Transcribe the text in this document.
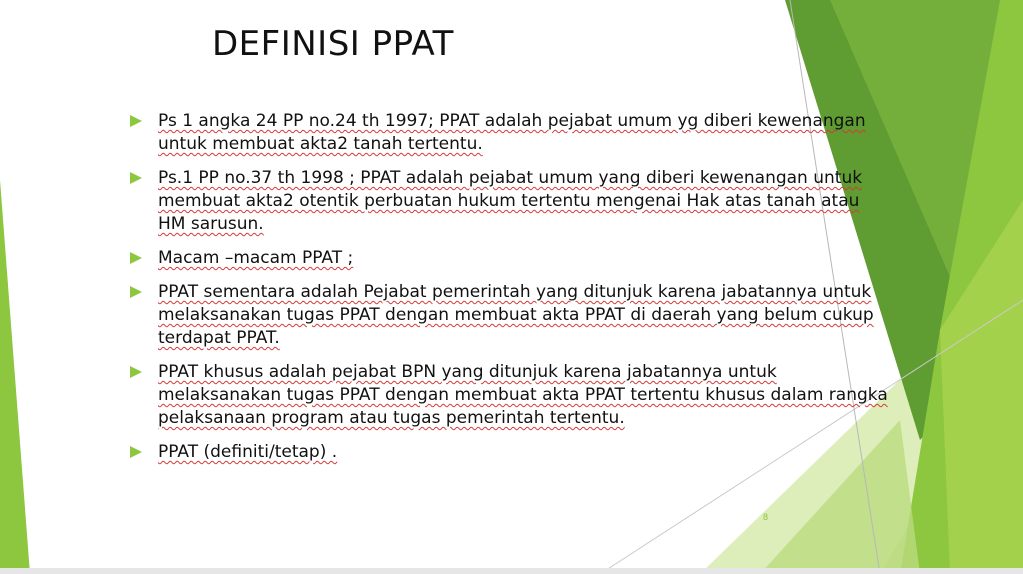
DEFINISI PPAT
Ps 1 angka 24 PP no.24 th 1997; PPAT adalah pejabat umum yg diberi kewenangan untuk membuat akta2 tanah tertentu.
Ps.1 PP no.37 th 1998 ; PPAT adalah pejabat umum yang diberi kewenangan untuk membuat akta2 otentik perbuatan hukum tertentu mengenai Hak atas tanah atau HM sarusun.
Macam –macam PPAT ;
PPAT sementara adalah Pejabat pemerintah yang ditunjuk karena jabatannya untuk melaksanakan tugas PPAT dengan membuat akta PPAT di daerah yang belum cukup terdapat PPAT.
PPAT khusus adalah pejabat BPN yang ditunjuk karena jabatannya untuk melaksanakan tugas PPAT dengan membuat akta PPAT tertentu khusus dalam rangka pelaksanaan program atau tugas pemerintah tertentu.
PPAT (definiti/tetap) .
8
